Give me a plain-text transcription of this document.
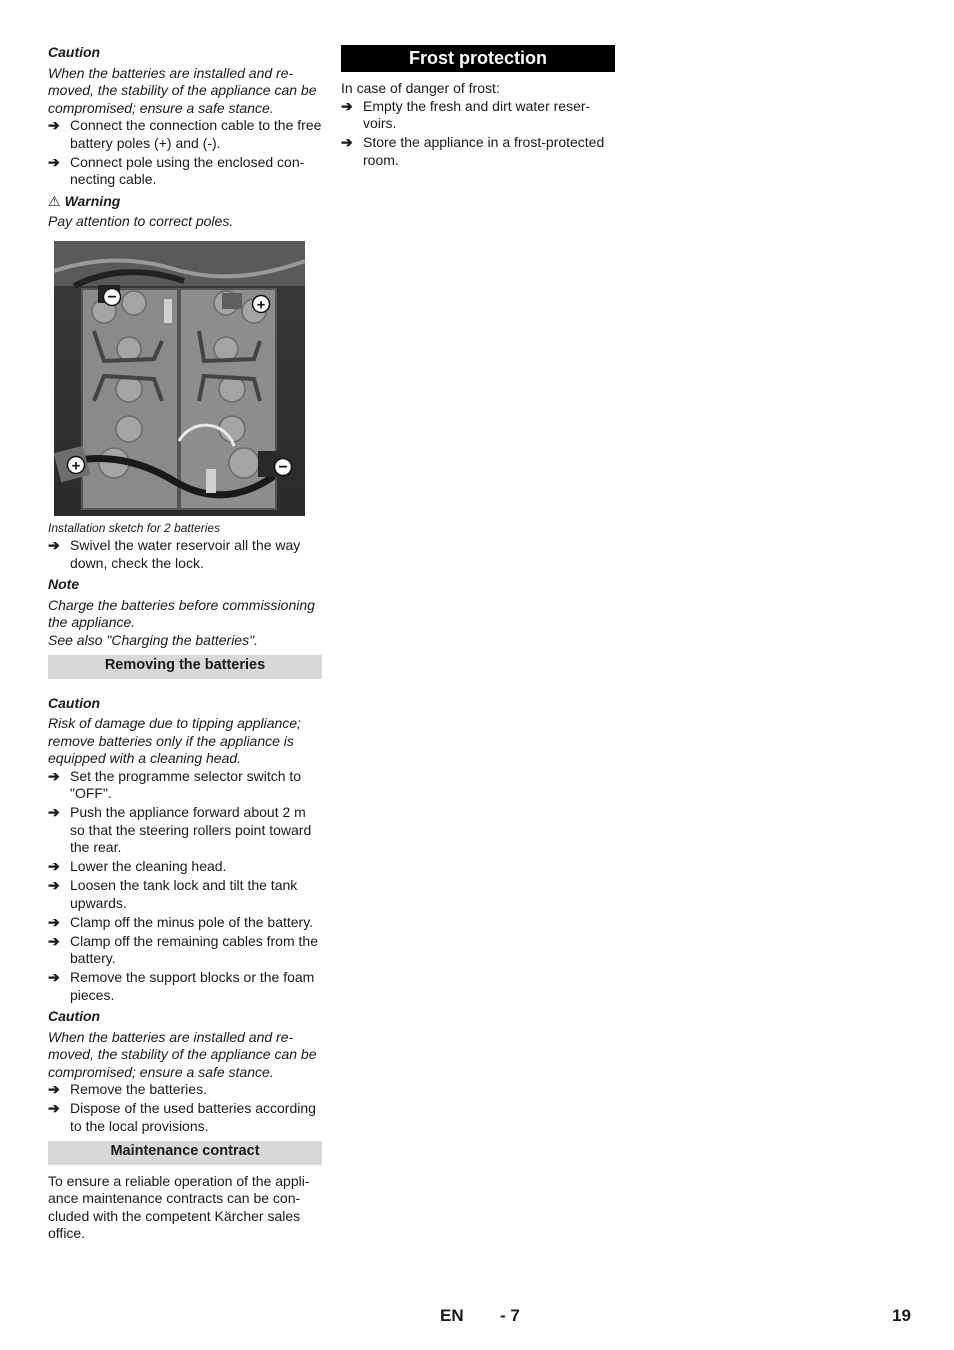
Caution

When the batteries are installed and re-moved, the stability of the appliance can be compromised; ensure a safe stance.

➔ Connect the connection cable to the free battery poles (+) and (-).
➔ Connect pole using the enclosed con-necting cable.
⚠ Warning

Pay attention to correct poles.

−	+
+	−

Installation sketch for 2 batteries

➔ Swivel the water reservoir all the way down, check the lock.
Note

Charge the batteries before commissioning the appliance.

See also "Charging the batteries".

Removing the batteries
Caution

Risk of damage due to tipping appliance; remove batteries only if the appliance is equipped with a cleaning head.

➔ Set the programme selector switch to "OFF".
➔ Push the appliance forward about 2 m so that the steering rollers point toward the rear.
➔ Lower the cleaning head.
➔ Loosen the tank lock and tilt the tank upwards.
➔ Clamp off the minus pole of the battery.
➔ Clamp off the remaining cables from the battery.
➔ Remove the support blocks or the foam pieces.
Caution

When the batteries are installed and re-moved, the stability of the appliance can be compromised; ensure a safe stance.

➔ Remove the batteries.
➔ Dispose of the used batteries according to the local provisions.
Maintenance contract

To ensure a reliable operation of the appli-ance maintenance contracts can be con-cluded with the competent Kärcher sales office.

Frost protection

In case of danger of frost:

➔ Empty the fresh and dirt water reser-voirs.
➔ Store the appliance in a frost-protected room.
EN - 7	19
